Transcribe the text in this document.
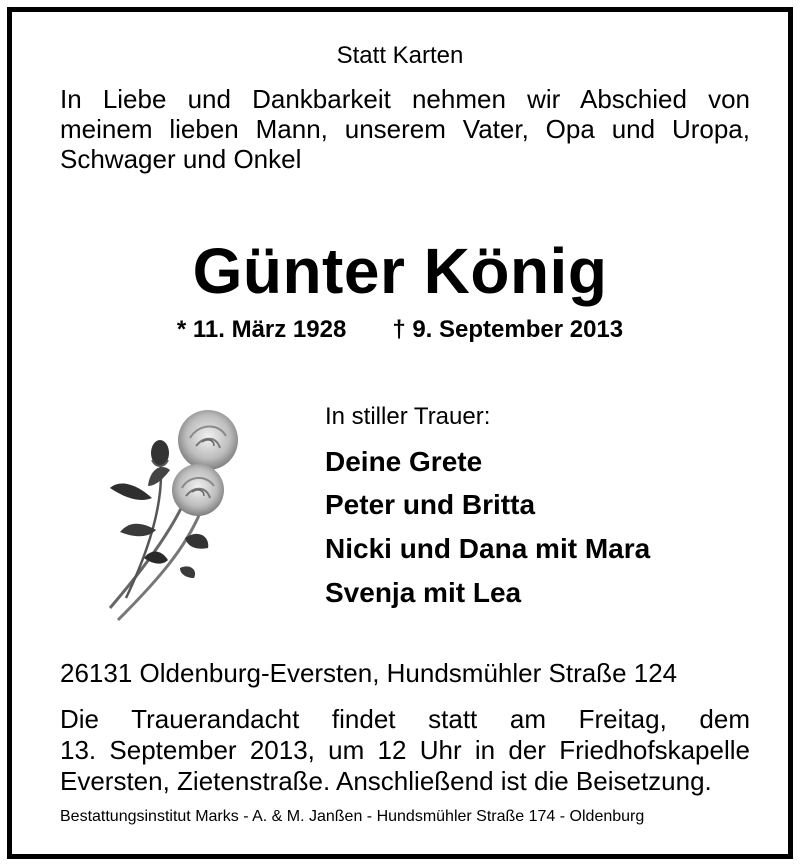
Statt Karten

In Liebe und Dankbarkeit nehmen wir Abschied von
meinem lieben Mann, unserem Vater, Opa und Uropa,
Schwager und Onkel

Günter König

* 11. März 1928 † 9. September 2013

In stiller Trauer:

Deine Grete

Peter und Britta

Nicki und Dana mit Mara

Svenja mit Lea

26131 Oldenburg-Eversten, Hundsmühler Straße 124

Die Trauerandacht findet statt am Freitag, dem
13. September 2013, um 12 Uhr in der Friedhofskapelle
Eversten, Zietenstraße. Anschließend ist die Beisetzung.

Bestattungsinstitut Marks - A. & M. Janßen - Hundsmühler Straße 174 - Oldenburg
